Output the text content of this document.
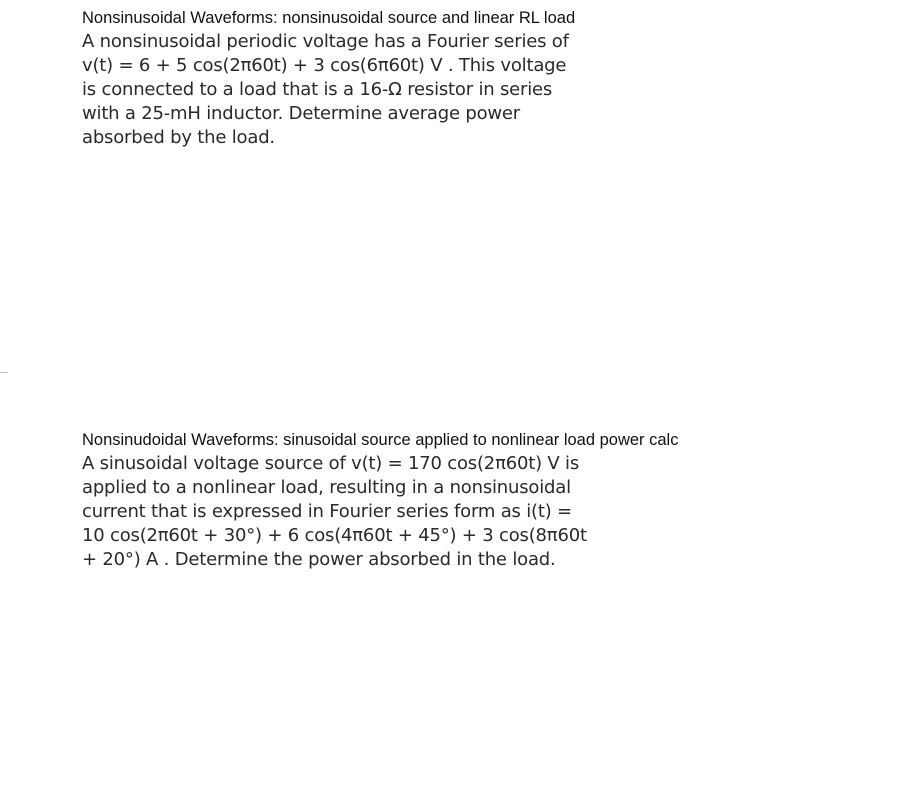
Nonsinusoidal Waveforms: nonsinusoidal source and linear RL load
A nonsinusoidal periodic voltage has a Fourier series of
v(t) = 6 + 5 cos(2π60t) + 3 cos(6π60t) V . This voltage
is connected to a load that is a 16-Ω resistor in series
with a 25-mH inductor. Determine average power
absorbed by the load.
Nonsinudoidal Waveforms: sinusoidal source applied to nonlinear load power calc
A sinusoidal voltage source of v(t) = 170 cos(2π60t) V is
applied to a nonlinear load, resulting in a nonsinusoidal
current that is expressed in Fourier series form as i(t) =
10 cos(2π60t + 30°) + 6 cos(4π60t + 45°) + 3 cos(8π60t
+ 20°) A . Determine the power absorbed in the load.
